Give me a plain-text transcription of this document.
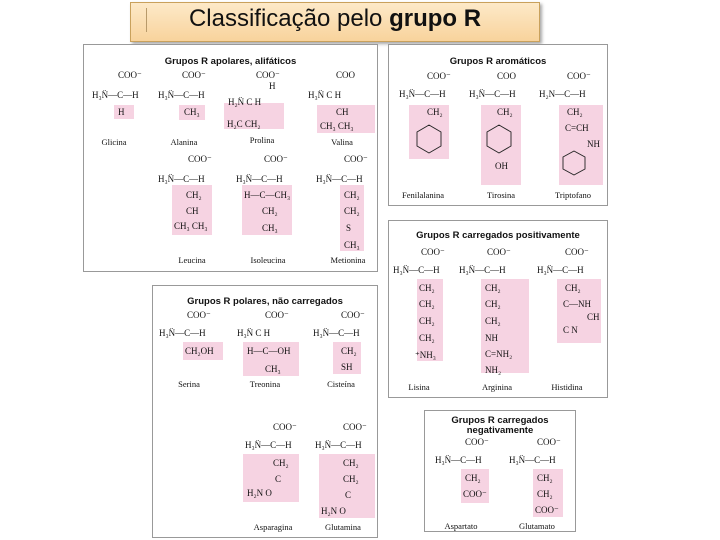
Classificação pelo grupo R
Grupos R apolares, alifáticos
COO⁻
H₃N̈—C—H
H
COO⁻
H₃N̈—C—H
CH₃
COO⁻
H₂N̈ C H
H₂C CH₂
H
COO
H₃N̈ C H
CH
CH₃ CH₃
COO⁻
H₃N̈—C—H
CH₂
CH
CH₃ CH₃
COO⁻
H₃N̈—C—H
H—C—CH₃
CH₂
CH₃
COO⁻
H₃N̈—C—H
CH₂
CH₂
S
CH₃
Glicina	Alanina	Prolina	Valina
Leucina	Isoleucina	Metionina
Grupos R aromáticos
COO⁻
H₃N̈—C—H
CH₂
COO
H₃N̈—C—H
CH₂
OH
COO⁻
H₂N—C—H
CH₂
C=CH
NH
Fenilalanina	Tirosina	Triptofano
Grupos R carregados positivamente
COO⁻
H₃N̈—C—H
CH₂
CH₂
CH₂
CH₂
⁺NH₃
COO⁻
H₃N̈—C—H
CH₂
CH₂
CH₂
NH
C=NH₂
NH₂
COO⁻
H₃N̈—C—H
CH₂
C—NH
CH
C N
Lisina	Arginina	Histidina
Grupos R polares, não carregados
COO⁻
H₃N̈—C—H
CH₂OH
COO⁻
H₃N̈ C H
H—C—OH
CH₃
COO⁻
H₃N̈—C—H
CH₂
SH
COO⁻
H₃N̈—C—H
CH₂
C
H₂N O
COO⁻
H₃N̈—C—H
CH₂
CH₂
C
H₂N O
Serina	Treonina	Cisteína
Asparagina	Glutamina
Grupos R carregados negativamente
COO⁻
H₃N̈—C—H
CH₂
COO⁻
COO⁻
H₃N̈—C—H
CH₂
CH₂
COO⁻
Aspartato	Glutamato
